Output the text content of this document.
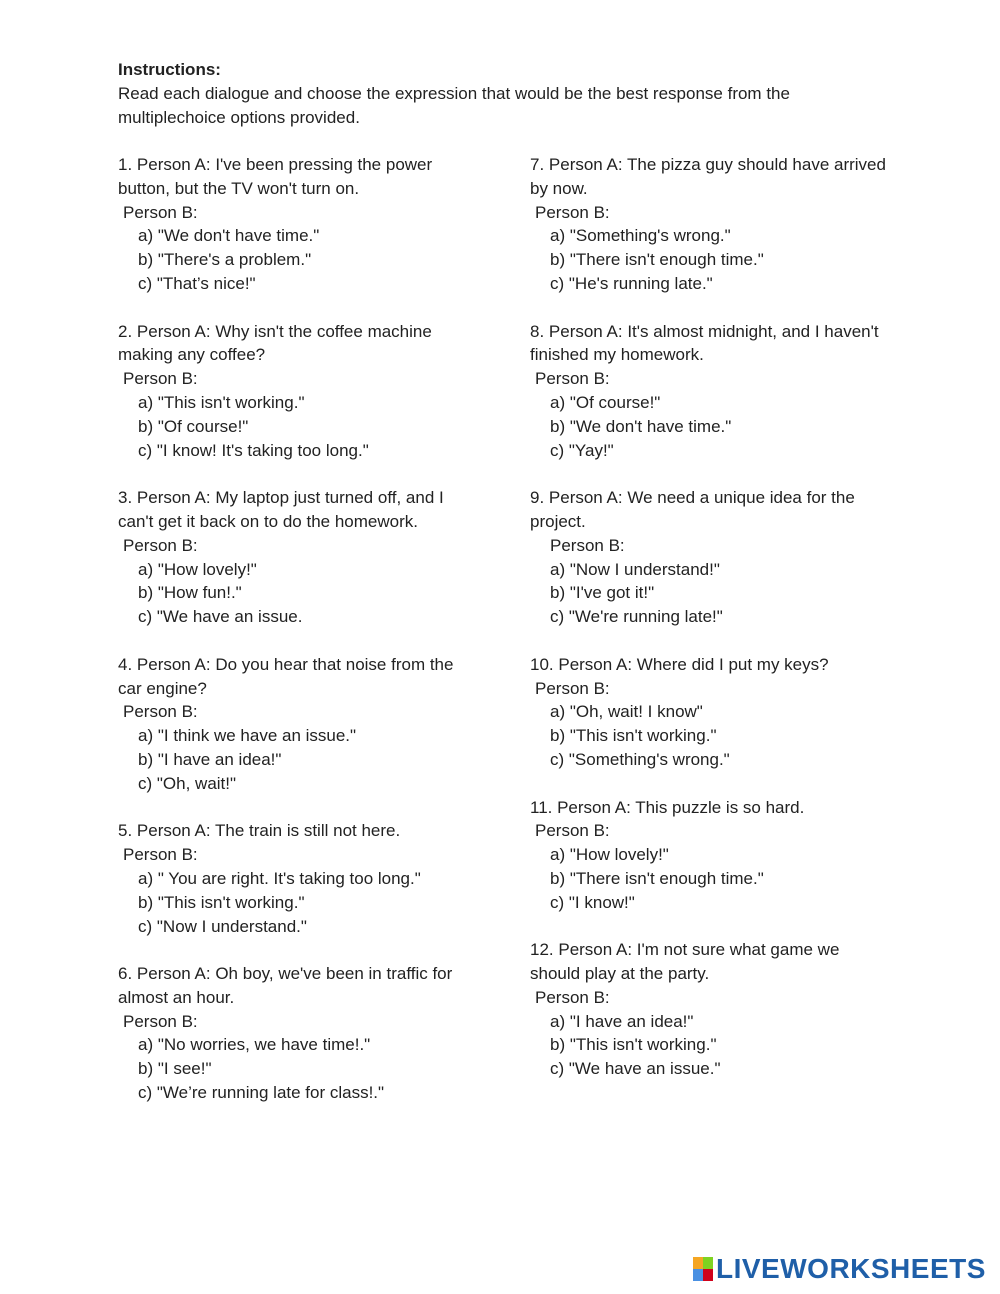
Instructions:
Read each dialogue and choose the expression that would be the best response from the multiplechoice options provided.
1. Person A: I've been pressing the power button, but the TV won't turn on.
Person B:
a) "We don't have time."
b) "There's a problem."
c) "That’s nice!"
2. Person A: Why isn't the coffee machine making any coffee?
Person B:
a) "This isn't working."
b) "Of course!"
c) "I know! It's taking too long."
3. Person A: My laptop just turned off, and I can't get it back on to do the homework.
Person B:
a) "How lovely!"
b) "How fun!."
c) "We have an issue.
4. Person A: Do you hear that noise from the car engine?
Person B:
a) "I think we have an issue."
b) "I have an idea!"
c) "Oh, wait!"
5. Person A: The train is still not here.
Person B:
a) " You are right. It's taking too long."
b) "This isn't working."
c) "Now I understand."
6. Person A: Oh boy, we've been in traffic for almost an hour.
Person B:
a) "No worries, we have time!."
b) "I see!"
c) "We’re running late for class!."
7. Person A: The pizza guy should have arrived by now.
Person B:
a) "Something's wrong."
b) "There isn't enough time."
c) "He's running late."
8. Person A: It's almost midnight, and I haven't finished my homework.
Person B:
a) "Of course!"
b) "We don't have time."
c) "Yay!"
9. Person A: We need a unique idea for the project.
Person B:
a) "Now I understand!"
b) "I've got it!"
c) "We're running late!"
10. Person A: Where did I put my keys?
Person B:
a) "Oh, wait! I know"
b) "This isn't working."
c) "Something's wrong."
11. Person A: This puzzle is so hard.
Person B:
a) "How lovely!"
b) "There isn't enough time."
c) "I know!"
12. Person A: I'm not sure what game we should play at the party.
Person B:
a) "I have an idea!"
b) "This isn't working."
c) "We have an issue."
LIVEWORKSHEETS
